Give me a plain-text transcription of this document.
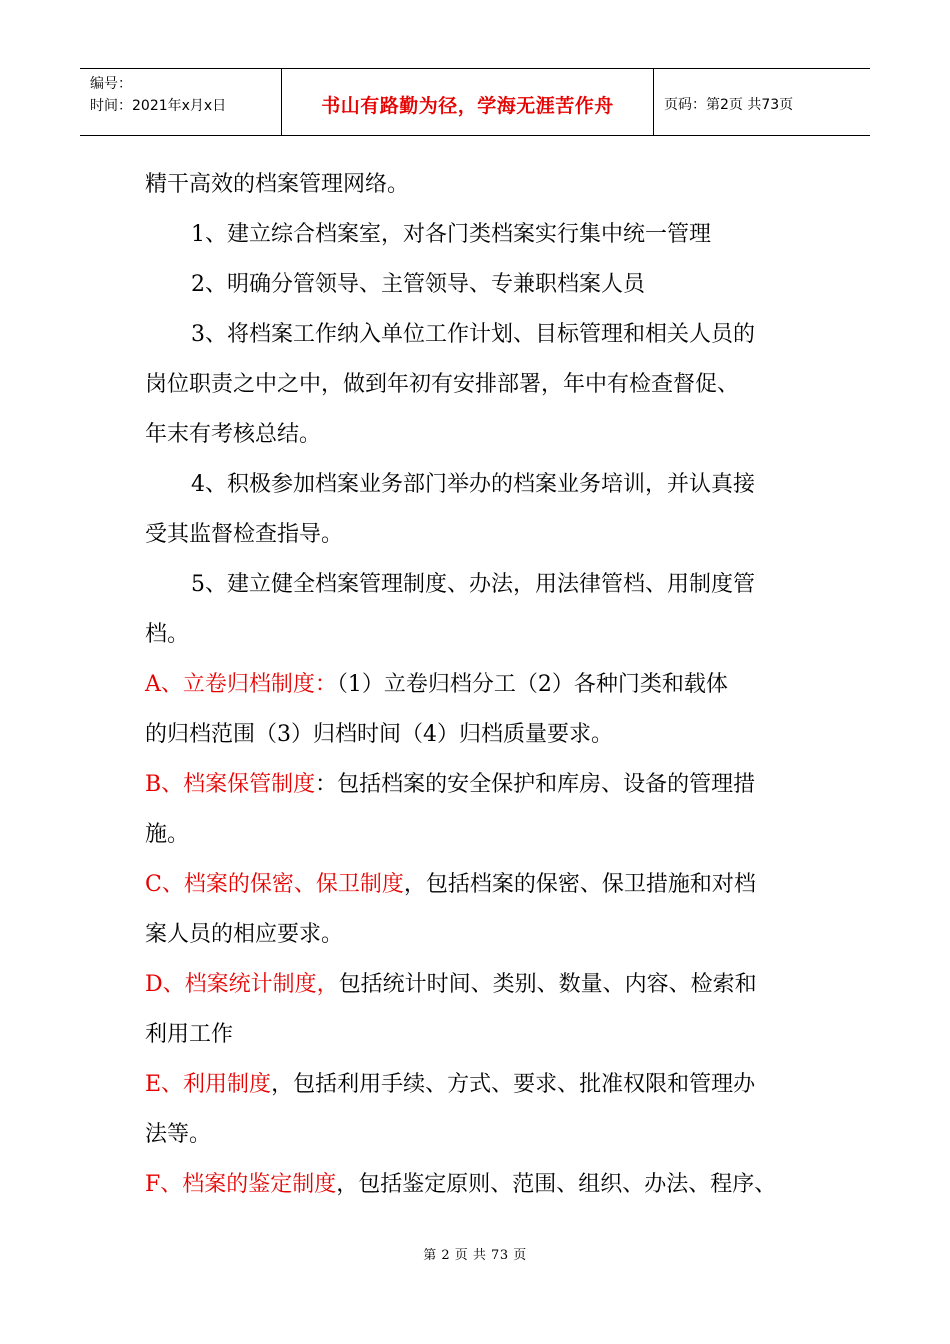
编号：
时间：2021年x月x日	书山有路勤为径，学海无涯苦作舟	页码：第2页 共73页

精干高效的档案管理网络。

1、建立综合档案室，对各门类档案实行集中统一管理

2、明确分管领导、主管领导、专兼职档案人员

3、将档案工作纳入单位工作计划、目标管理和相关人员的

岗位职责之中之中，做到年初有安排部署，年中有检查督促、

年末有考核总结。

4、积极参加档案业务部门举办的档案业务培训，并认真接

受其监督检查指导。

5、建立健全档案管理制度、办法，用法律管档、用制度管

档。

A、立卷归档制度：（1）立卷归档分工（2）各种门类和载体

的归档范围（3）归档时间（4）归档质量要求。

B、档案保管制度：包括档案的安全保护和库房、设备的管理措

施。

C、档案的保密、保卫制度，包括档案的保密、保卫措施和对档

案人员的相应要求。

D、档案统计制度，包括统计时间、类别、数量、内容、检索和

利用工作

E、利用制度，包括利用手续、方式、要求、批准权限和管理办

法等。

F、档案的鉴定制度，包括鉴定原则、范围、组织、办法、程序、

第 2 页 共 73 页
